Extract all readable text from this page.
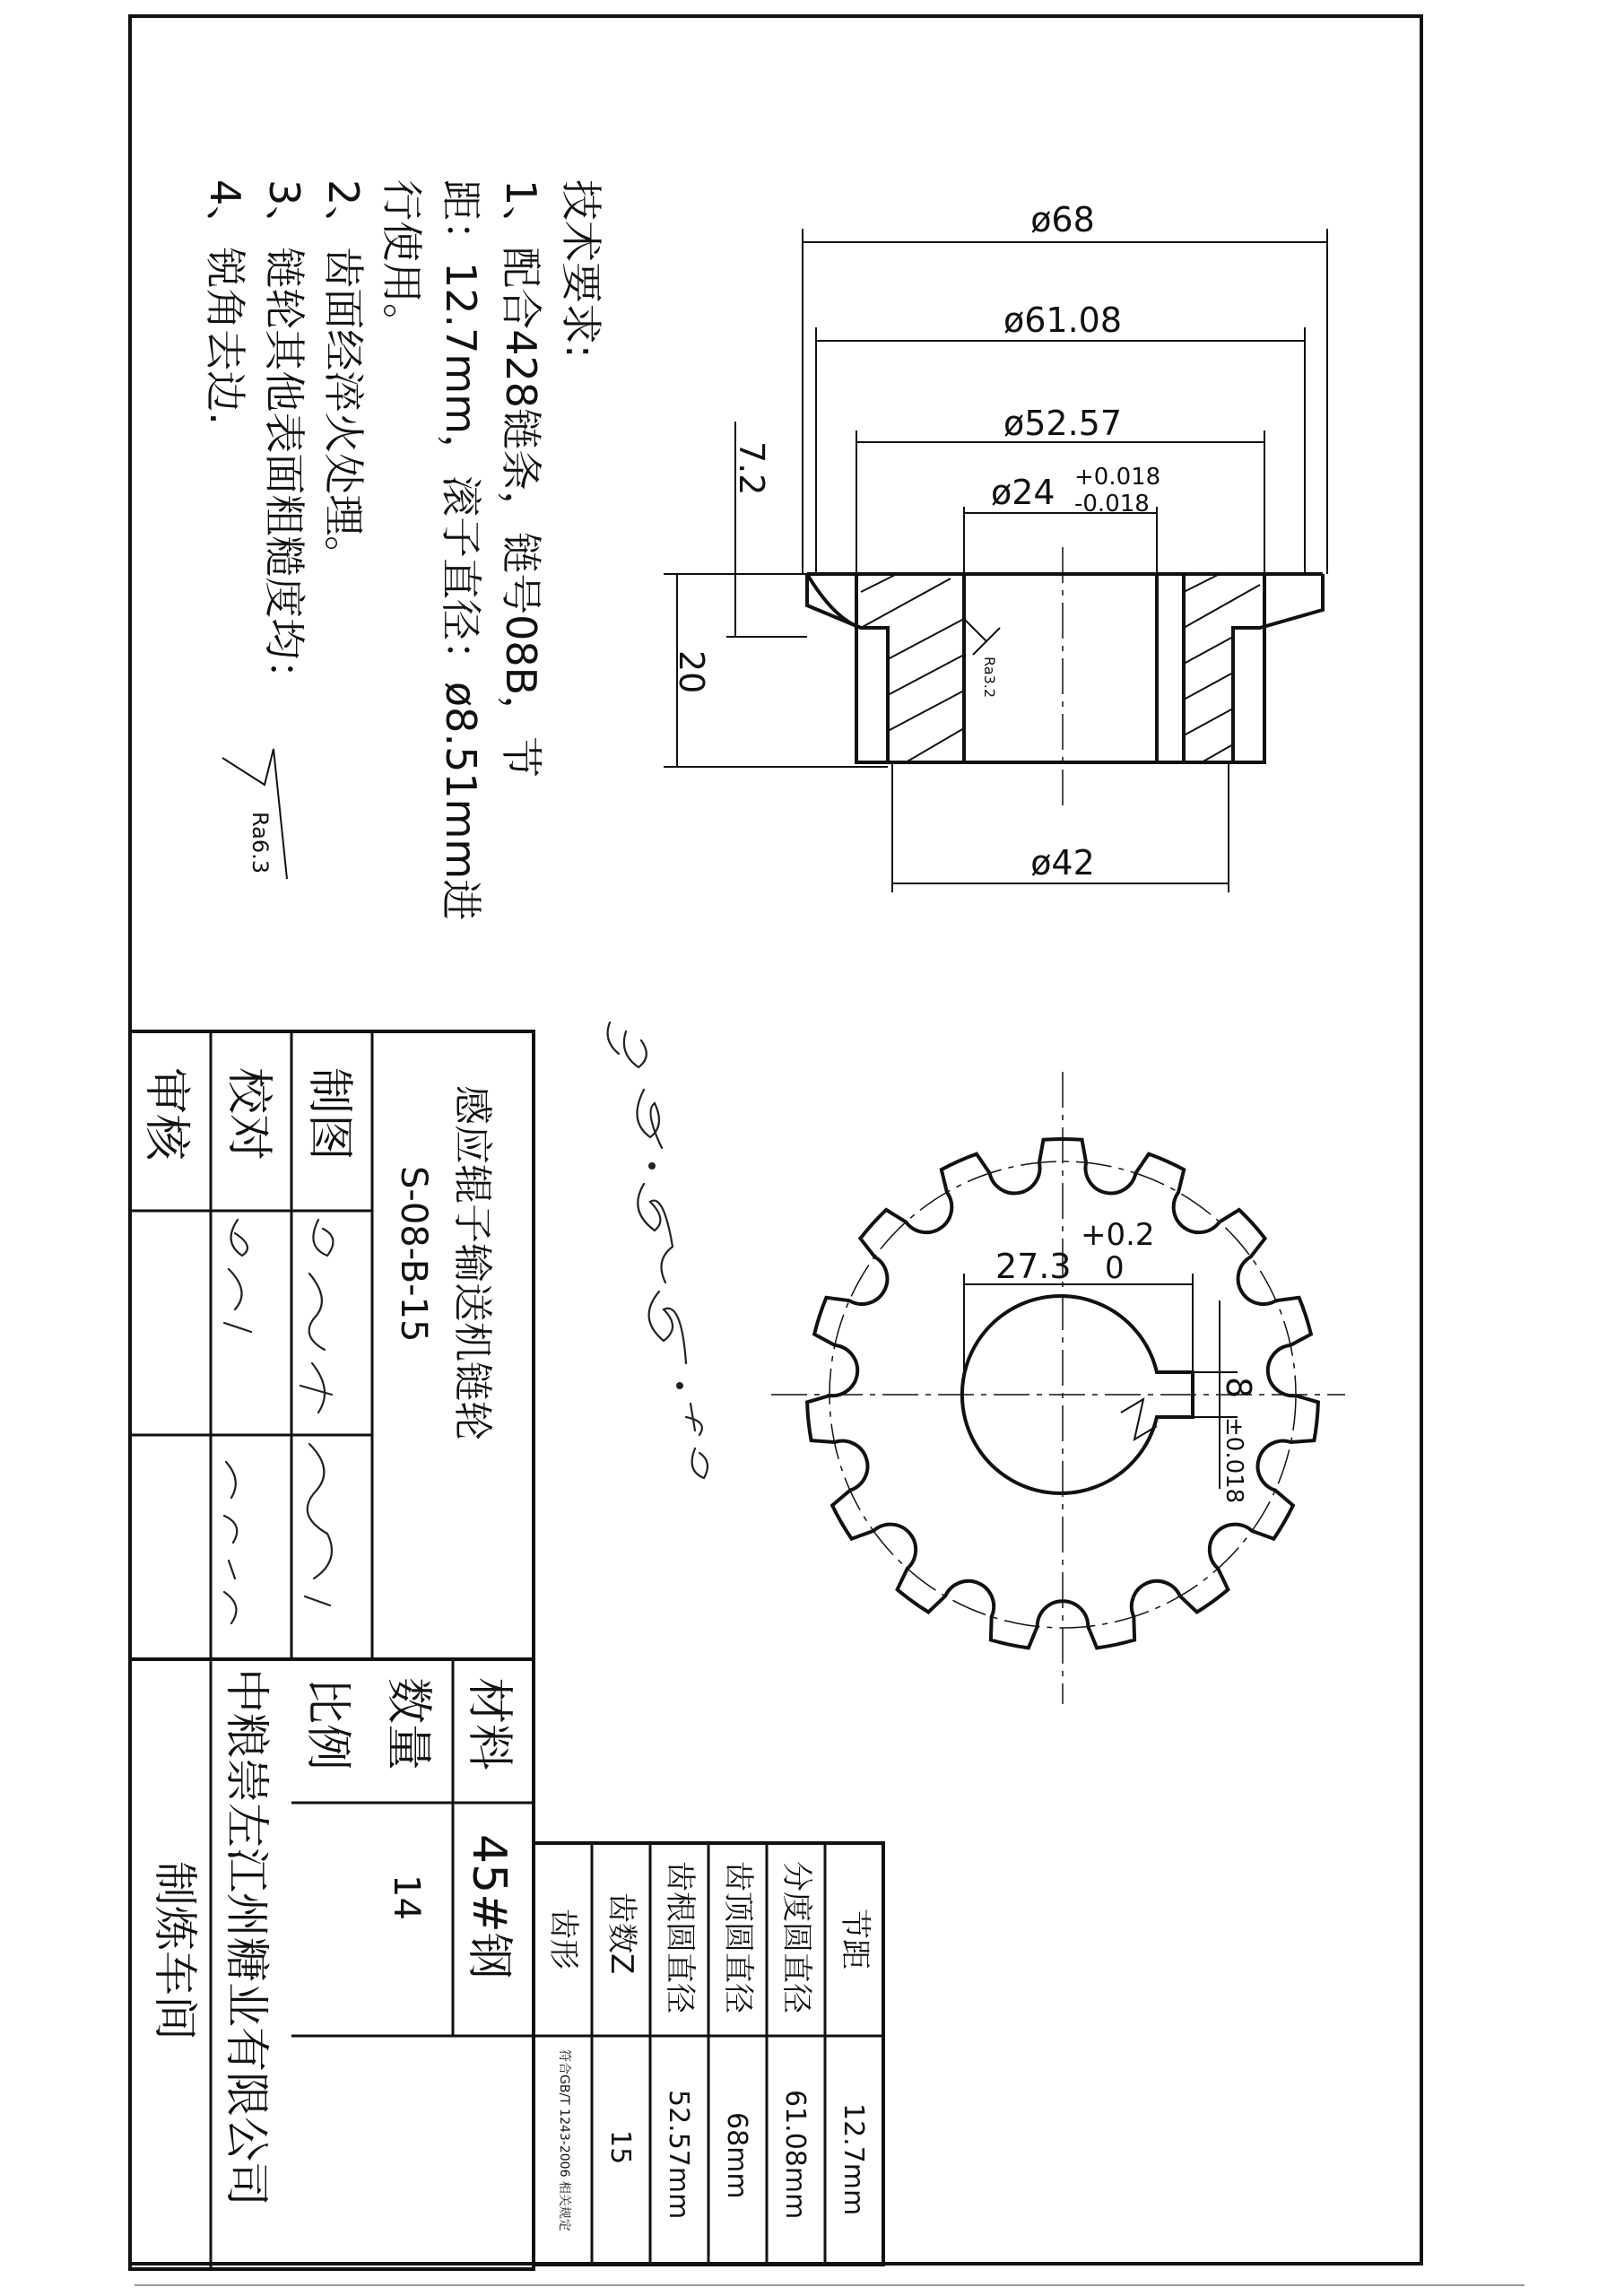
技术要求:
1、配合428链条，链号08B，节
距：12.7mm，滚子直径：ø8.51mm进
行使用。
2、齿面经淬火处理。
3、链轮其他表面粗糙度均：
4、锐角去边.
Ra6.3
ø68
ø61.08
ø52.57
ø24 +0.018
-0.018
ø42
20
7.2
Ra3.2
27.3
+0.2
0
8
±0.018
制图
校对
审核	感应辊子输送机链轮
S-08-B-15
材料
数量
比例
45#钢
14
中粮崇左江州糖业有限公司
制炼车间	节距
分度圆直径
齿顶圆直径
齿根圆直径
齿数Z
齿形
12.7mm
61.08mm
68mm
52.57mm
15
符合GB/T 1243-2006 相关规定
